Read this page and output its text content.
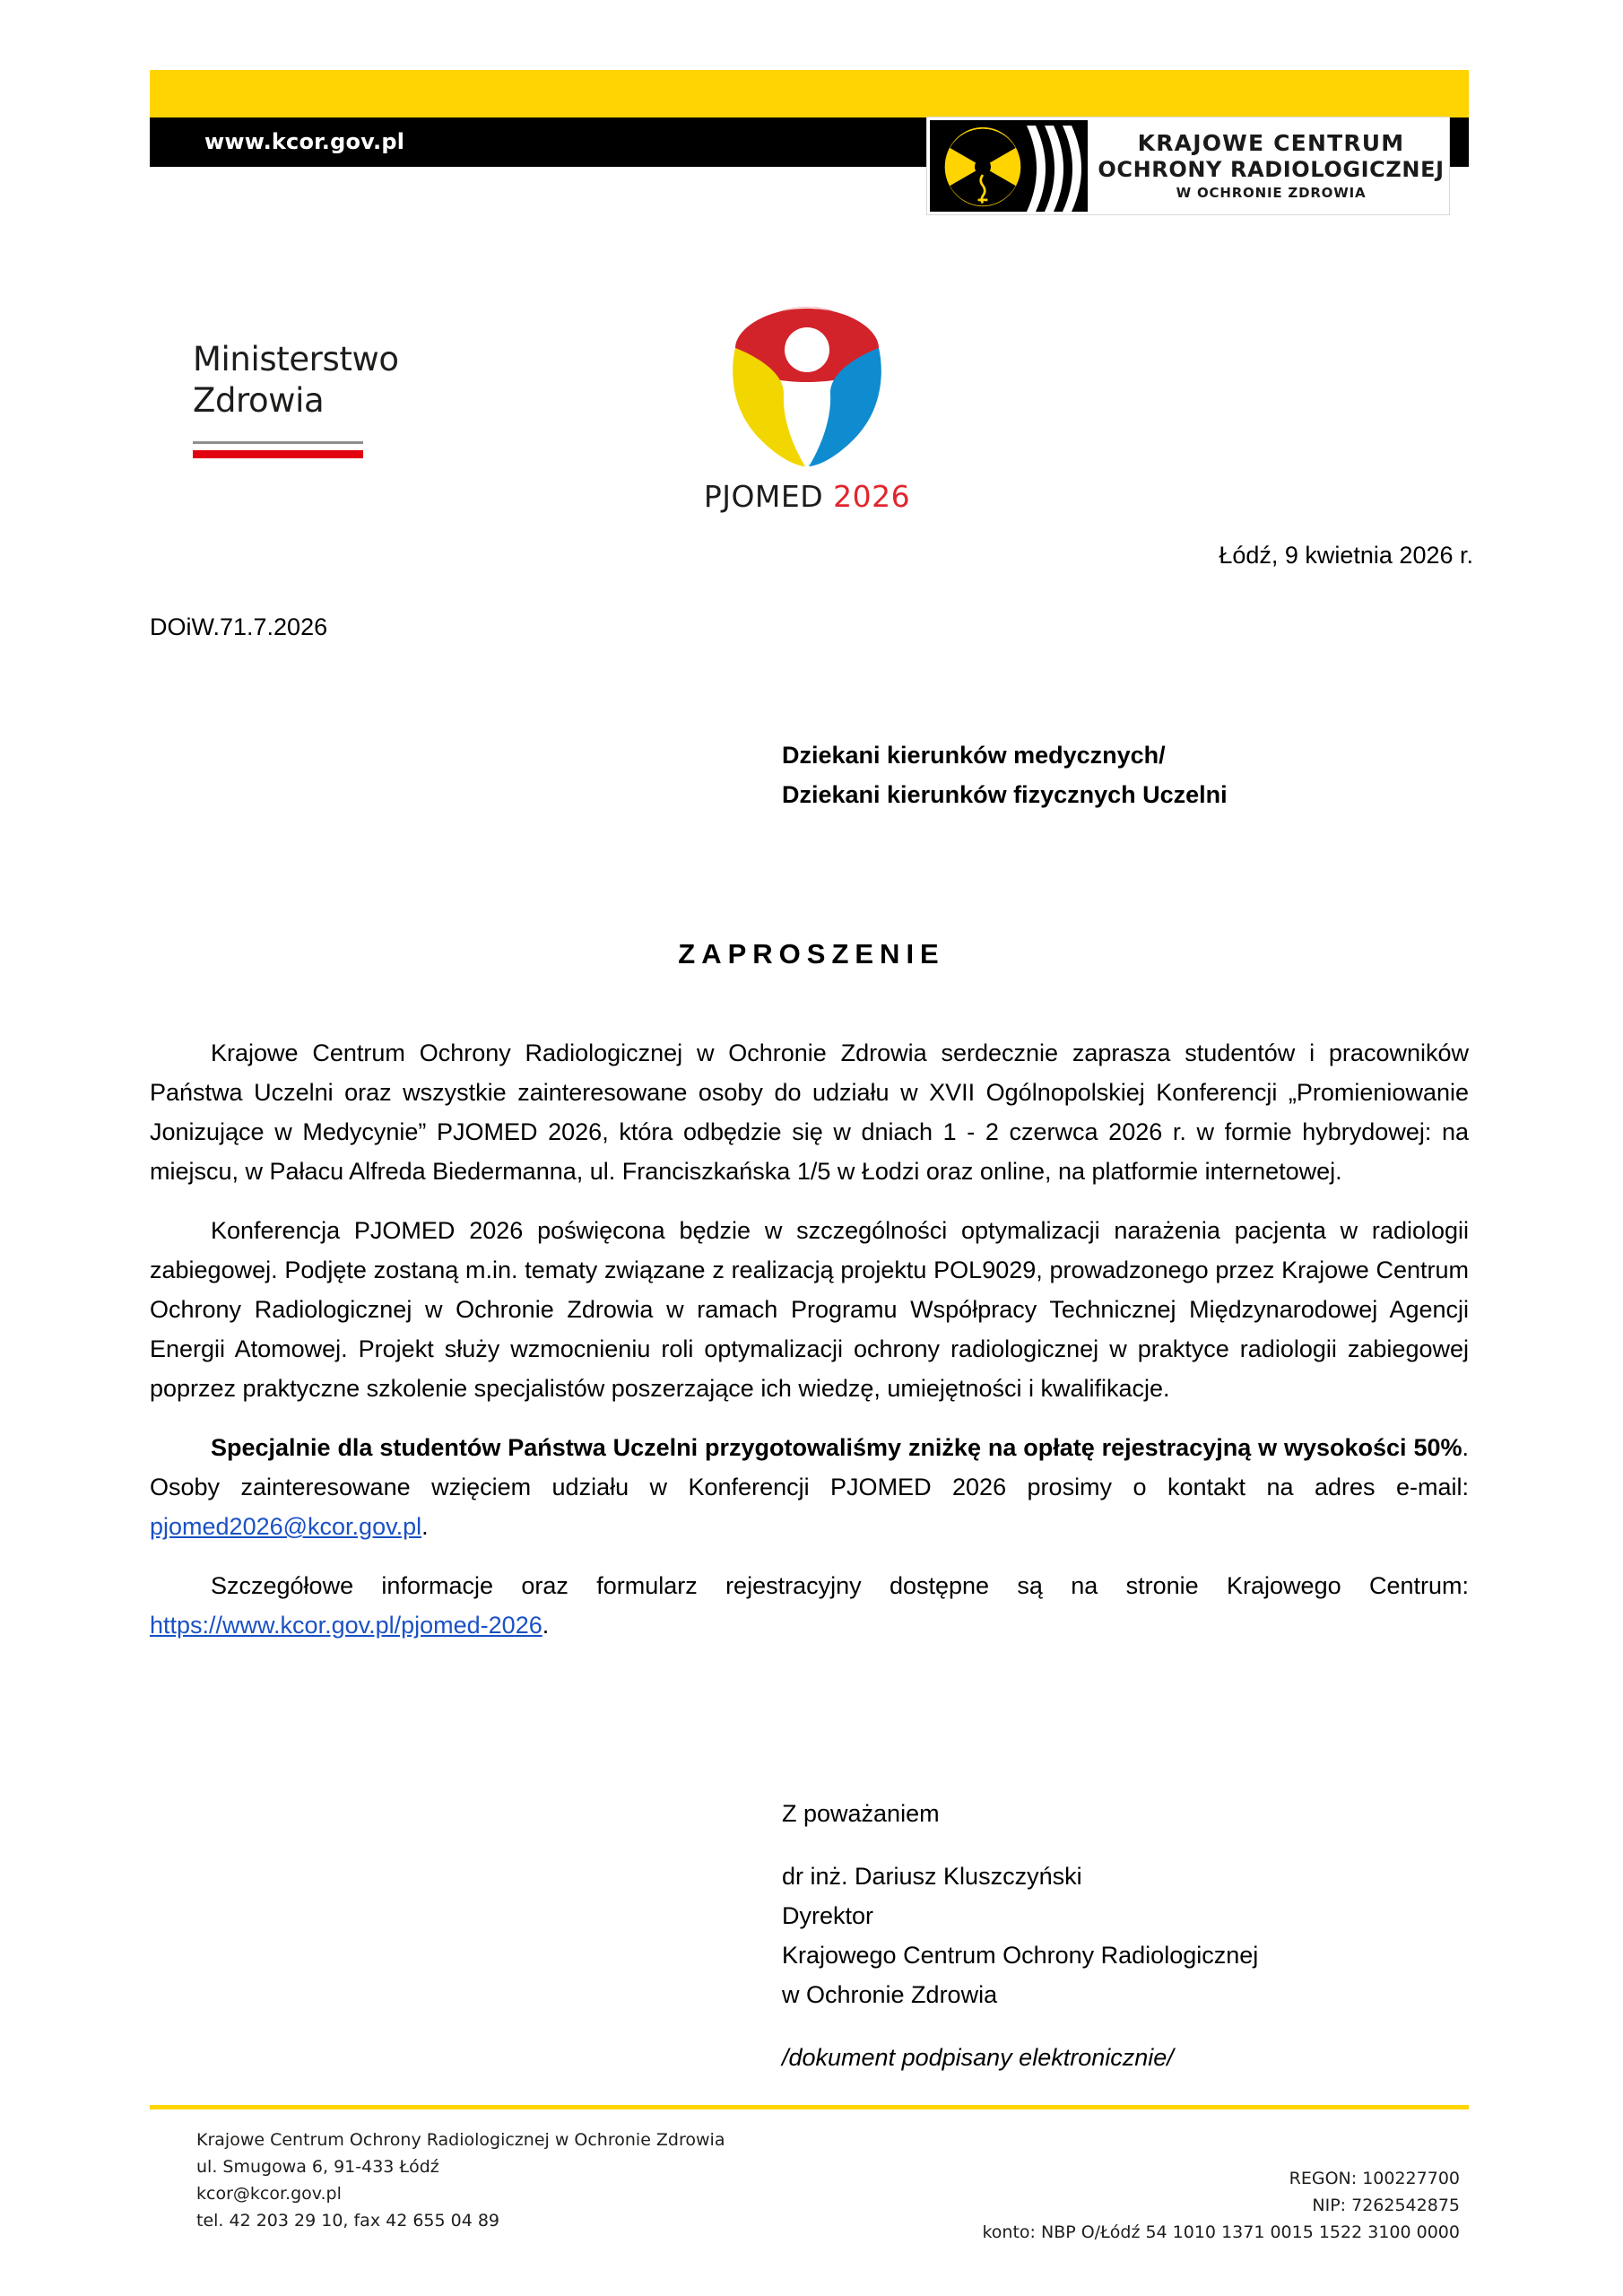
www.kcor.gov.pl	KRAJOWE CENTRUM
OCHRONY RADIOLOGICZNEJ
W OCHRONIE ZDROWIA
Ministerstwo
Zdrowia
PJOMED 2026
Łódź, 9 kwietnia 2026 r.
DOiW.71.7.2026
Dziekani kierunków medycznych/
Dziekani kierunków fizycznych Uczelni
ZAPROSZENIE

Krajowe Centrum Ochrony Radiologicznej w Ochronie Zdrowia serdecznie zaprasza studentów i pracowników Państwa Uczelni oraz wszystkie zainteresowane osoby do udziału w XVII Ogólnopolskiej Konferencji „Promieniowanie Jonizujące w Medycynie” PJOMED 2026, która odbędzie się w dniach 1 - 2 czerwca 2026 r. w formie hybrydowej: na miejscu, w Pałacu Alfreda Biedermanna, ul. Franciszkańska 1/5 w Łodzi oraz online, na platformie internetowej.

Konferencja PJOMED 2026 poświęcona będzie w szczególności optymalizacji narażenia pacjenta w radiologii zabiegowej. Podjęte zostaną m.in. tematy związane z realizacją projektu POL9029, prowadzonego przez Krajowe Centrum Ochrony Radiologicznej w Ochronie Zdrowia w ramach Programu Współpracy Technicznej Międzynarodowej Agencji Energii Atomowej. Projekt służy wzmocnieniu roli optymalizacji ochrony radiologicznej w praktyce radiologii zabiegowej poprzez praktyczne szkolenie specjalistów poszerzające ich wiedzę, umiejętności i kwalifikacje.

Specjalnie dla studentów Państwa Uczelni przygotowaliśmy zniżkę na opłatę rejestracyjną w wysokości 50%. Osoby zainteresowane wzięciem udziału w Konferencji PJOMED 2026 prosimy o kontakt na adres e-mail: pjomed2026@kcor.gov.pl.

Szczegółowe informacje oraz formularz rejestracyjny dostępne są na stronie Krajowego Centrum: https://www.kcor.gov.pl/pjomed-2026.

Z poważaniem
dr inż. Dariusz Kluszczyński
Dyrektor
Krajowego Centrum Ochrony Radiologicznej
w Ochronie Zdrowia
/dokument podpisany elektronicznie/
Krajowe Centrum Ochrony Radiologicznej w Ochronie Zdrowia
ul. Smugowa 6, 91-433 Łódź
kcor@kcor.gov.pl
tel. 42 203 29 10, fax 42 655 04 89
REGON: 100227700
NIP: 7262542875
konto: NBP O/Łódź 54 1010 1371 0015 1522 3100 0000
